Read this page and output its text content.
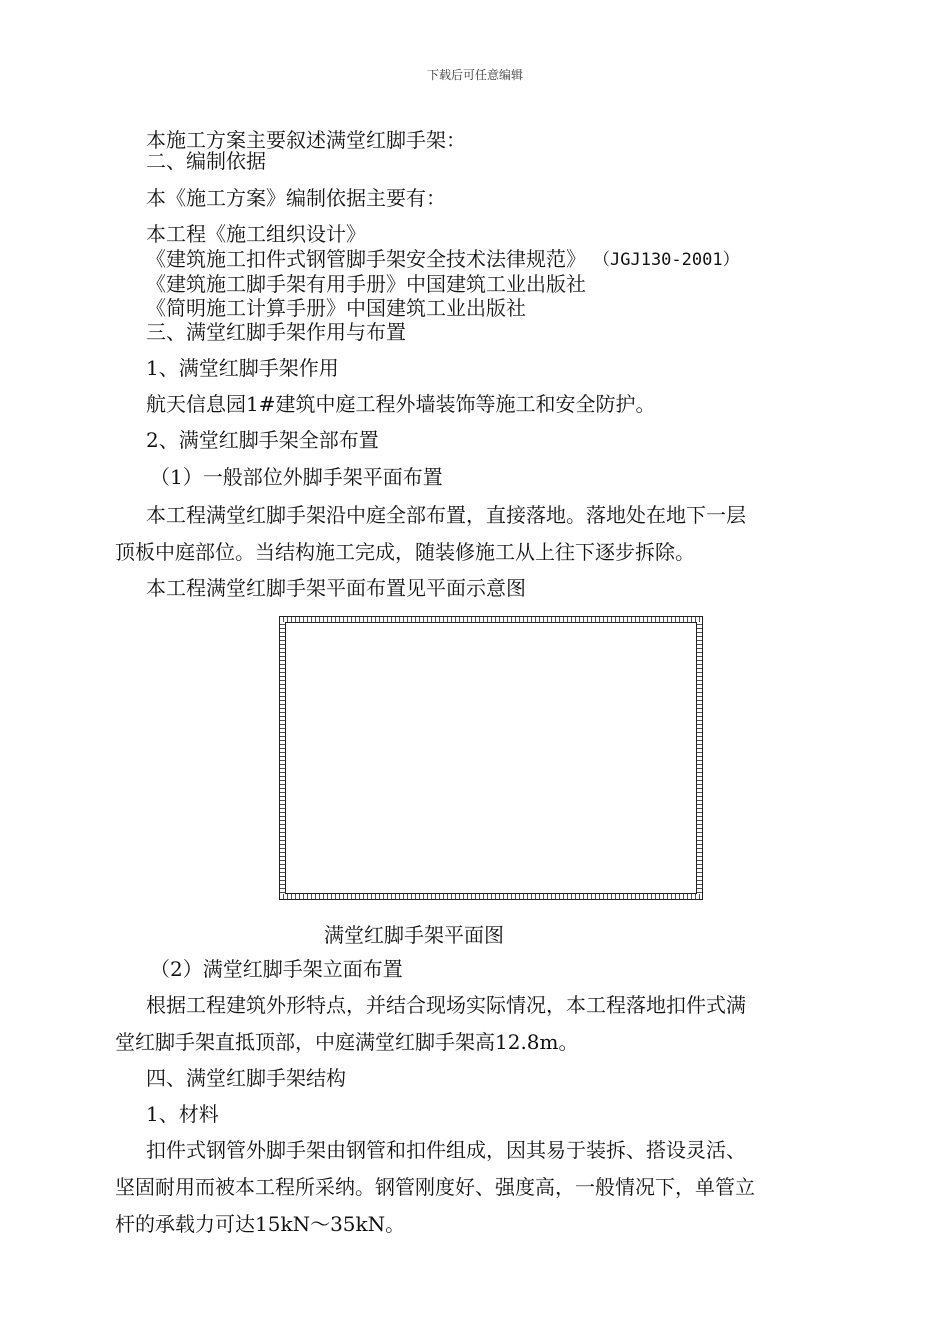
下载后可任意编辑
本施工方案主要叙述满堂红脚手架：
二、编制依据
本《施工方案》编制依据主要有：
本工程《施工组织设计》
《建筑施工扣件式钢管脚手架安全技术法律规范》 （JGJ130-2001）
《建筑施工脚手架有用手册》中国建筑工业出版社
《简明施工计算手册》中国建筑工业出版社
三、满堂红脚手架作用与布置
1、满堂红脚手架作用
航天信息园1#建筑中庭工程外墙装饰等施工和安全防护。
2、满堂红脚手架全部布置
（1）一般部位外脚手架平面布置
本工程满堂红脚手架沿中庭全部布置，直接落地。落地处在地下一层
顶板中庭部位。当结构施工完成，随装修施工从上往下逐步拆除。
本工程满堂红脚手架平面布置见平面示意图
满堂红脚手架平面图
（2）满堂红脚手架立面布置
根据工程建筑外形特点，并结合现场实际情况，本工程落地扣件式满
堂红脚手架直抵顶部，中庭满堂红脚手架高12.8m。
四、满堂红脚手架结构
1、材料
扣件式钢管外脚手架由钢管和扣件组成，因其易于装拆、搭设灵活、
坚固耐用而被本工程所采纳。钢管刚度好、强度高，一般情况下，单管立
杆的承载力可达15kN～35kN。
